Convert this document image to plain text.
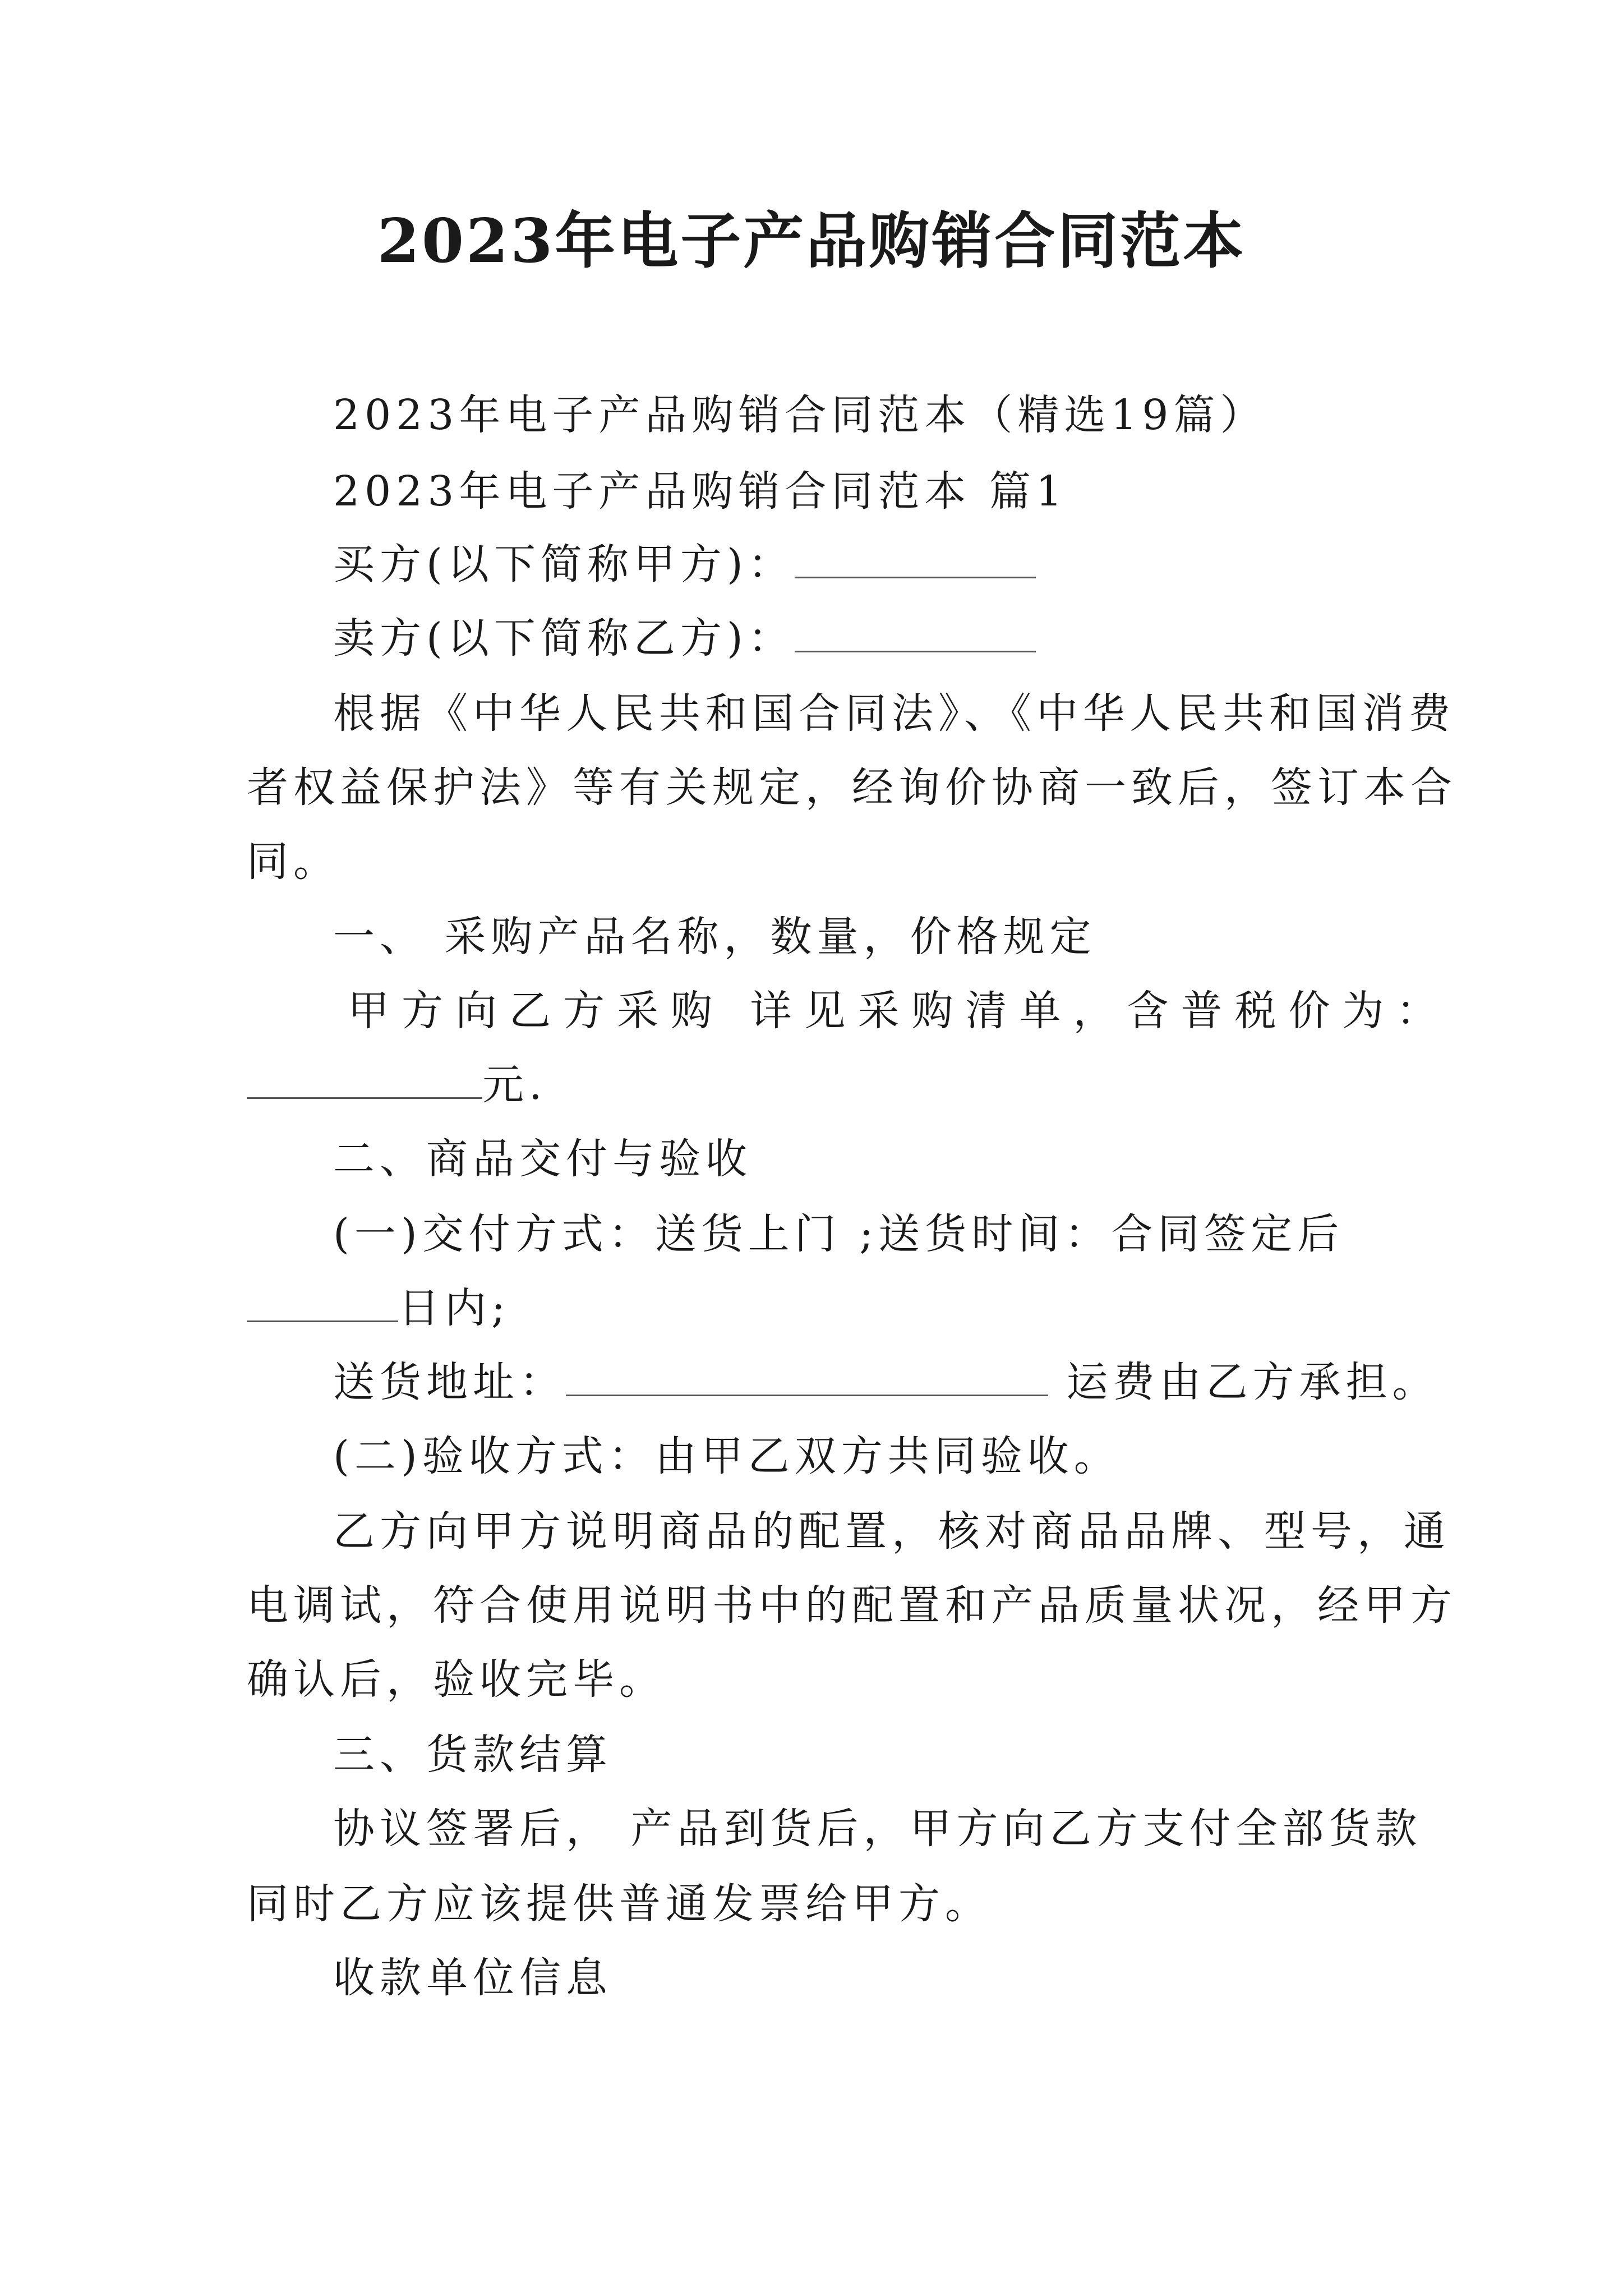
2023年电子产品购销合同范本
2023年电子产品购销合同范本（精选19篇）
2023年电子产品购销合同范本 篇1
买方(以下简称甲方)：
卖方(以下简称乙方)：
根据《中华人民共和国合同法》、《中华人民共和国消费
者权益保护法》等有关规定，经询价协商一致后，签订本合
同。
一、 采购产品名称，数量，价格规定
甲方向乙方采购 详见采购清单，含普税价为：
元.
二、商品交付与验收
(一)交付方式：送货上门 ;送货时间：合同签定后
日内;
送货地址：	运费由乙方承担。
(二)验收方式：由甲乙双方共同验收。
乙方向甲方说明商品的配置，核对商品品牌、型号，通
电调试，符合使用说明书中的配置和产品质量状况，经甲方
确认后，验收完毕。
三、货款结算
协议签署后， 产品到货后，甲方向乙方支付全部货款
同时乙方应该提供普通发票给甲方。
收款单位信息
